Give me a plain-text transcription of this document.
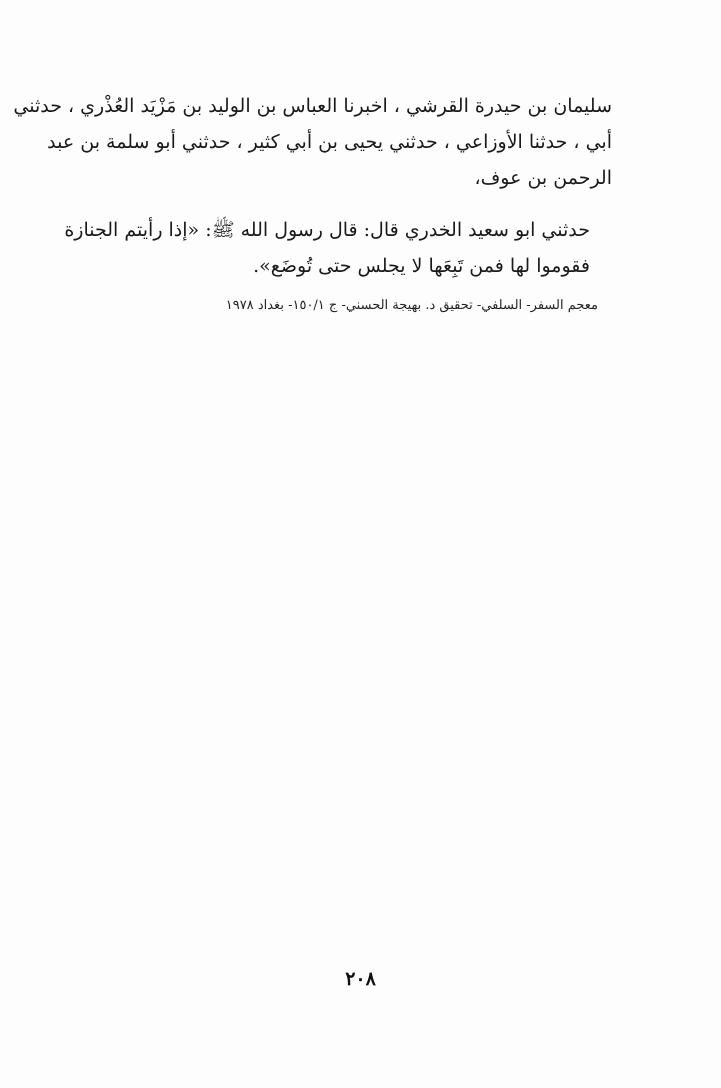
سليمان بن حيدرة القرشي ، اخبرنا العباس بن الوليد بن مَزْيَد العُذْري ، حدثني
أبي ، حدثنا الأوزاعي ، حدثني يحيى بن أبي كثير ، حدثني أبو سلمة بن عبد
الرحمن بن عوف،
حدثني ابو سعيد الخدري قال: قال رسول الله ﷺ: «إذا رأيتم الجنازة
فقوموا لها فمن تَبِعَها لا يجلس حتى تُوضَع».
معجم السفر- السلفي- تحقيق د. بهيجة الحسني- ج ١٥٠/١- بغداد ١٩٧٨
٢٠٨
